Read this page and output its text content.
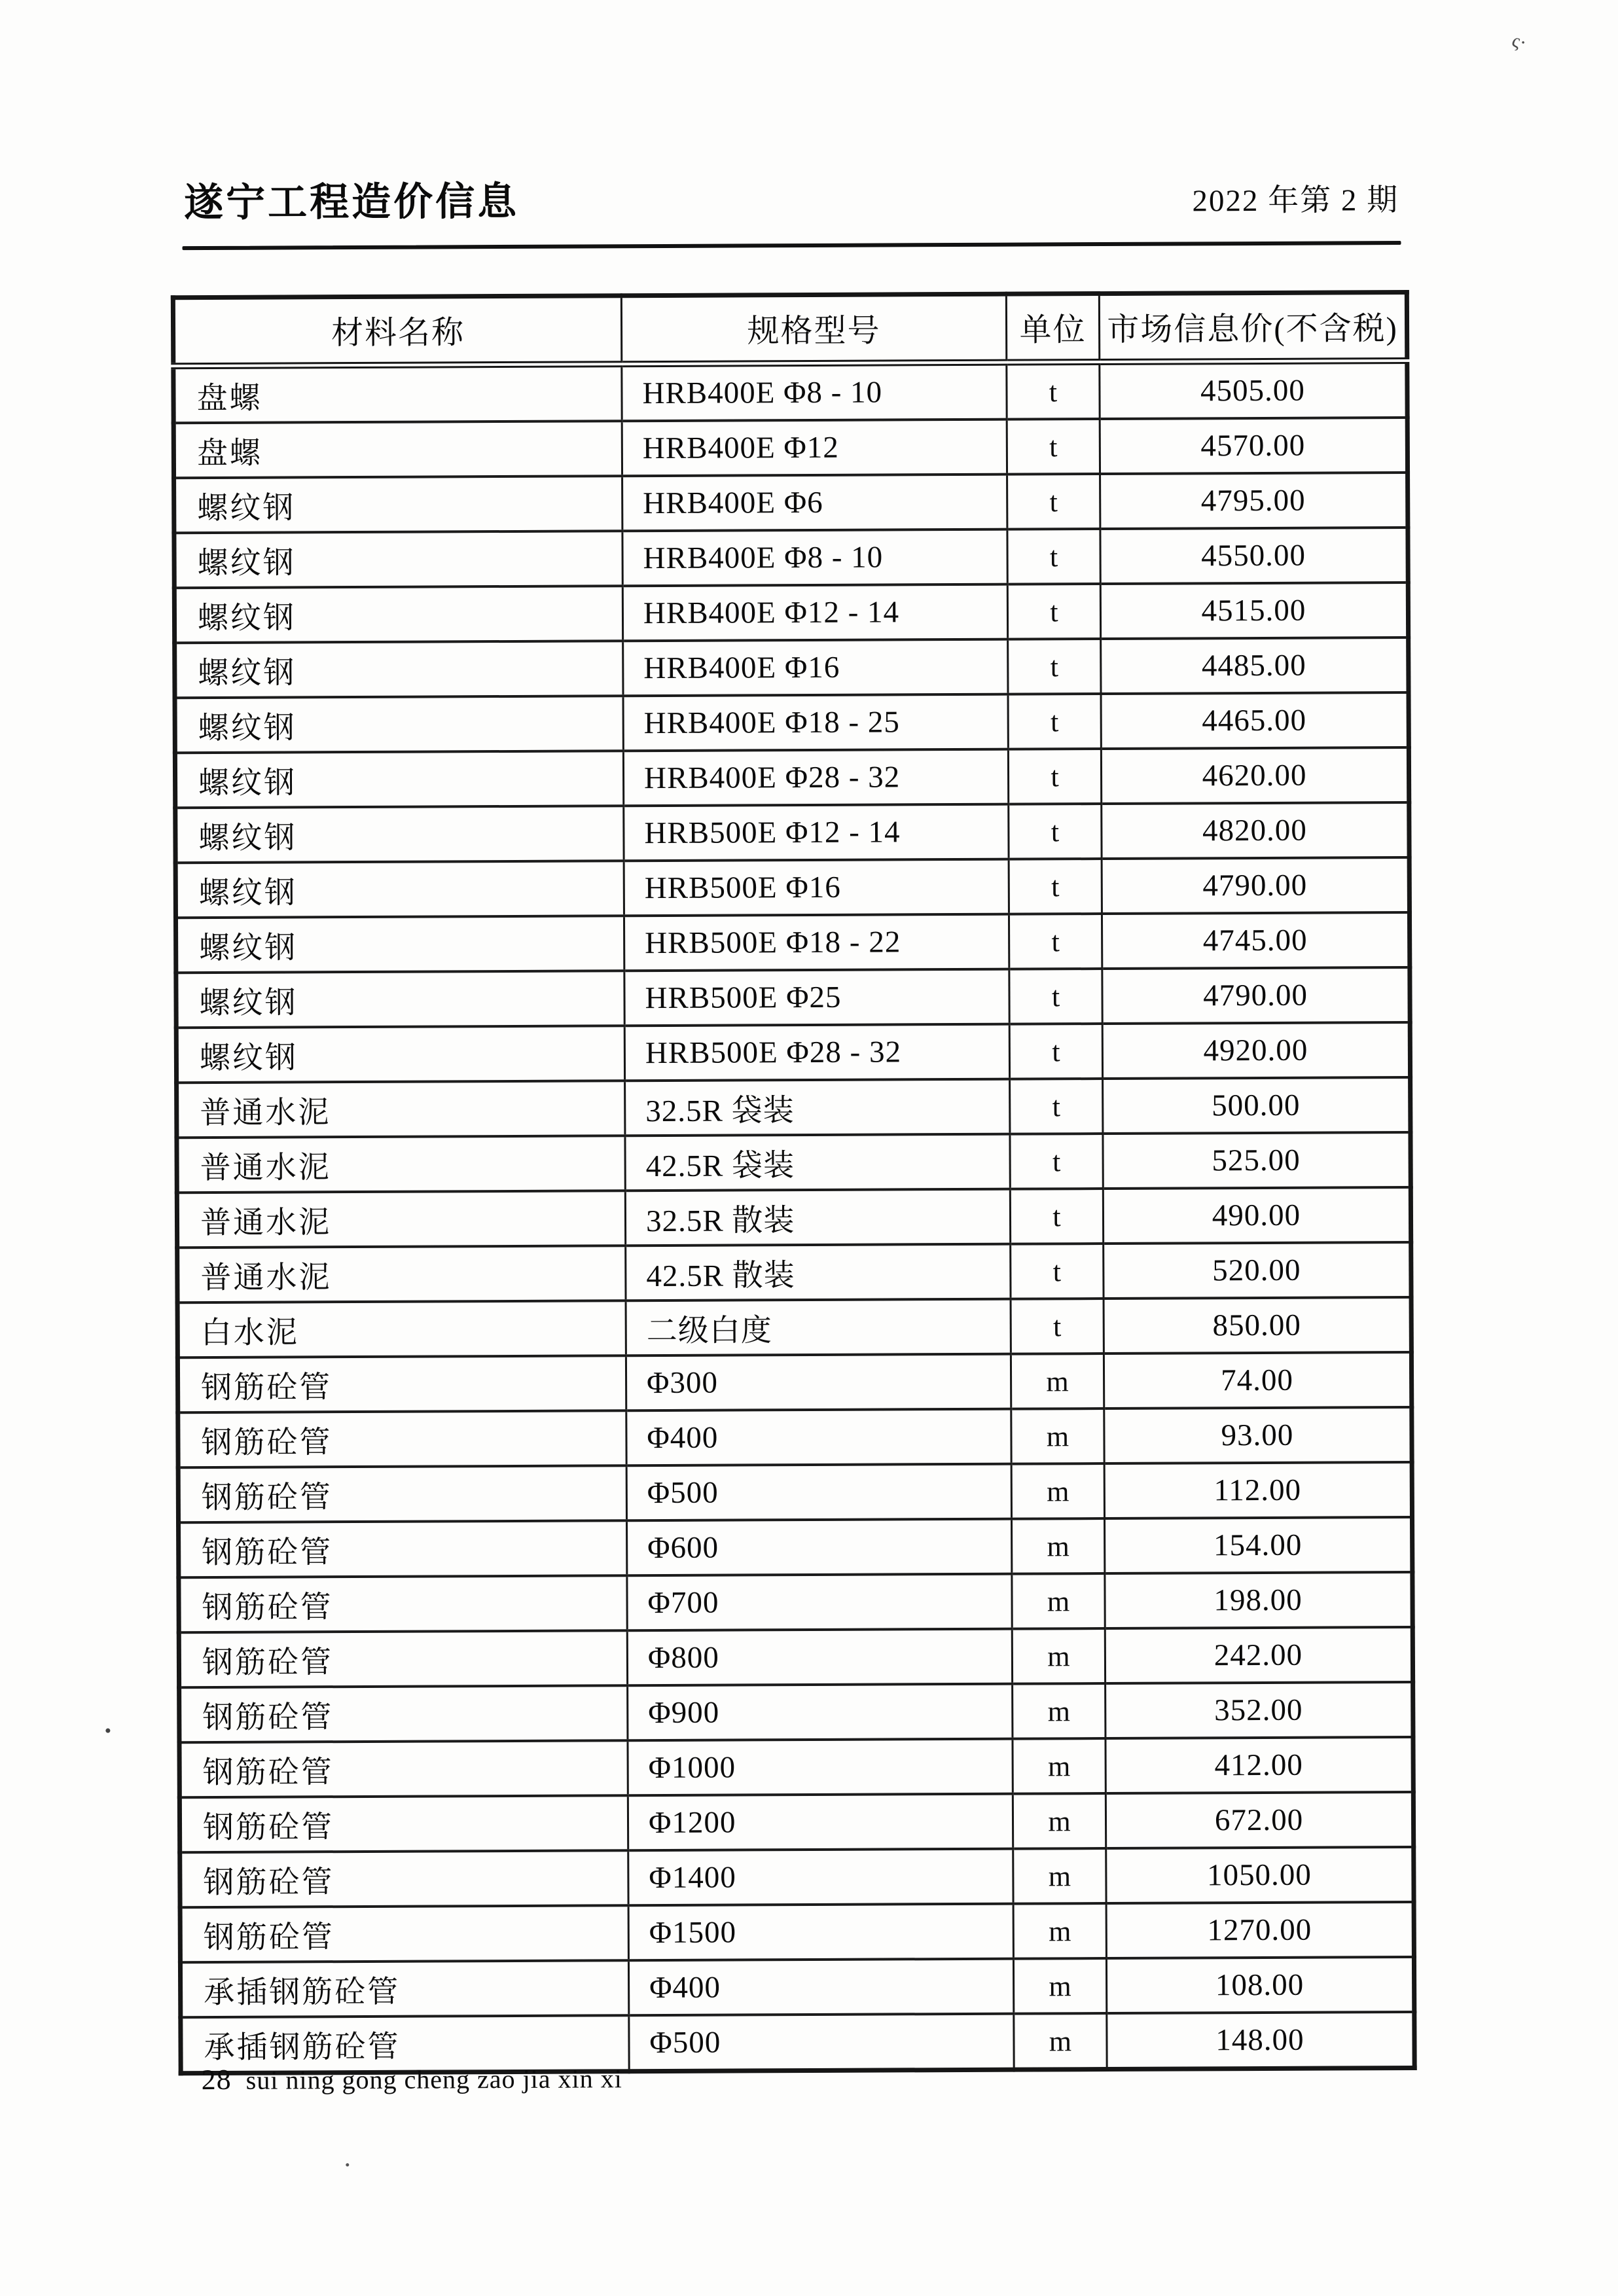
遂宁工程造价信息	2022 年第 2 期
材料名称	规格型号	单位	市场信息价(不含税)
盘螺	HRB400E Φ8 - 10	t	4505.00
盘螺	HRB400E Φ12	t	4570.00
螺纹钢	HRB400E Φ6	t	4795.00
螺纹钢	HRB400E Φ8 - 10	t	4550.00
螺纹钢	HRB400E Φ12 - 14	t	4515.00
螺纹钢	HRB400E Φ16	t	4485.00
螺纹钢	HRB400E Φ18 - 25	t	4465.00
螺纹钢	HRB400E Φ28 - 32	t	4620.00
螺纹钢	HRB500E Φ12 - 14	t	4820.00
螺纹钢	HRB500E Φ16	t	4790.00
螺纹钢	HRB500E Φ18 - 22	t	4745.00
螺纹钢	HRB500E Φ25	t	4790.00
螺纹钢	HRB500E Φ28 - 32	t	4920.00
普通水泥	32.5R 袋装	t	500.00
普通水泥	42.5R 袋装	t	525.00
普通水泥	32.5R 散装	t	490.00
普通水泥	42.5R 散装	t	520.00
白水泥	二级白度	t	850.00
钢筋砼管	Φ300	m	74.00
钢筋砼管	Φ400	m	93.00
钢筋砼管	Φ500	m	112.00
钢筋砼管	Φ600	m	154.00
钢筋砼管	Φ700	m	198.00
钢筋砼管	Φ800	m	242.00
钢筋砼管	Φ900	m	352.00
钢筋砼管	Φ1000	m	412.00
钢筋砼管	Φ1200	m	672.00
钢筋砼管	Φ1400	m	1050.00
钢筋砼管	Φ1500	m	1270.00
承插钢筋砼管	Φ400	m	108.00
承插钢筋砼管	Φ500	m	148.00
28 sui ning gong cheng zao jia xin xi
ς·
